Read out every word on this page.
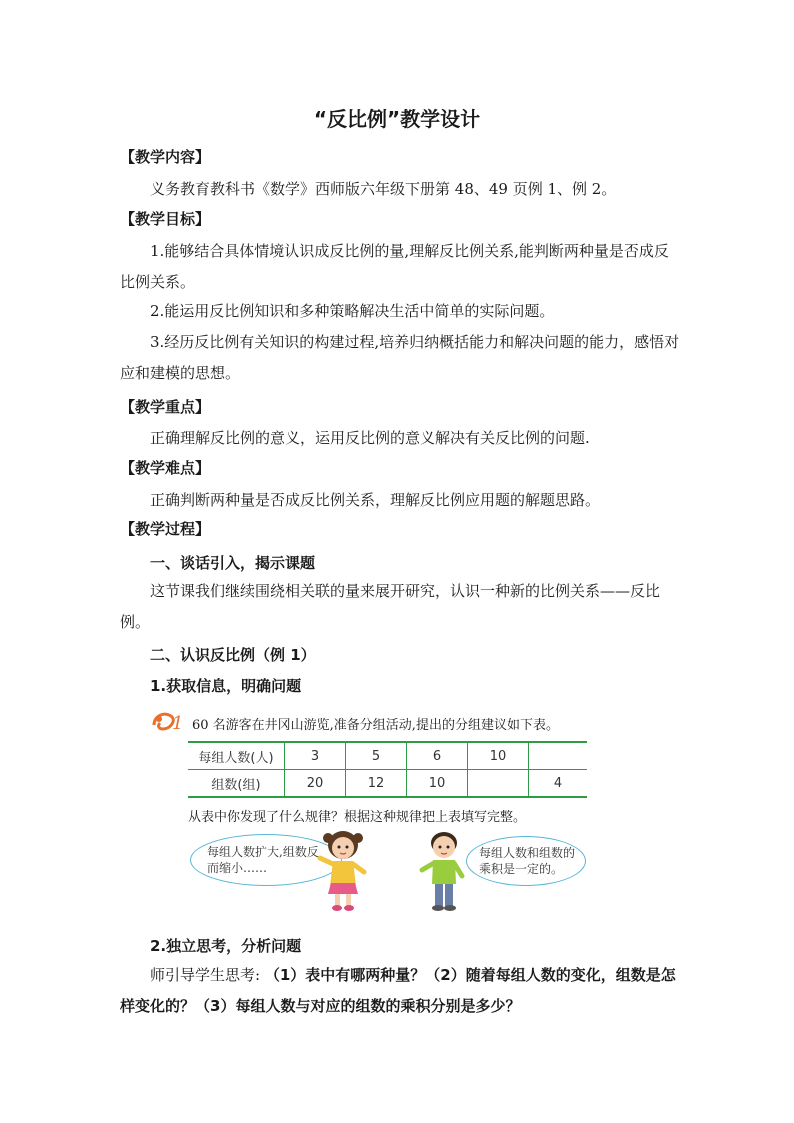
“反比例”教学设计
【教学内容】
义务教育教科书《数学》西师版六年级下册第 48、49 页例 1、例 2。
【教学目标】
1.能够结合具体情境认识成反比例的量,理解反比例关系,能判断两种量是否成反比例关系。
2.能运用反比例知识和多种策略解决生活中简单的实际问题。
3.经历反比例有关知识的构建过程,培养归纳概括能力和解决问题的能力，感悟对应和建模的思想。
【教学重点】
正确理解反比例的意义，运用反比例的意义解决有关反比例的问题.
【教学难点】
正确判断两种量是否成反比例关系，理解反比例应用题的解题思路。
【教学过程】
一、谈话引入，揭示课题
这节课我们继续围绕相关联的量来展开研究，认识一种新的比例关系——反比例。
二、认识反比例（例 1）
1.获取信息，明确问题
1 60 名游客在井冈山游览,准备分组活动,提出的分组建议如下表。
每组人数(人)	3	5	6	10	
组数(组)	20	12	10		4
从表中你发现了什么规律？根据这种规律把上表填写完整。
每组人数扩大,组数反
而缩小……
每组人数和组数的
乘积是一定的。
2.独立思考，分析问题
师引导学生思考: （1）表中有哪两种量？（2）随着每组人数的变化，组数是怎样变化的？（3）每组人数与对应的组数的乘积分别是多少？
